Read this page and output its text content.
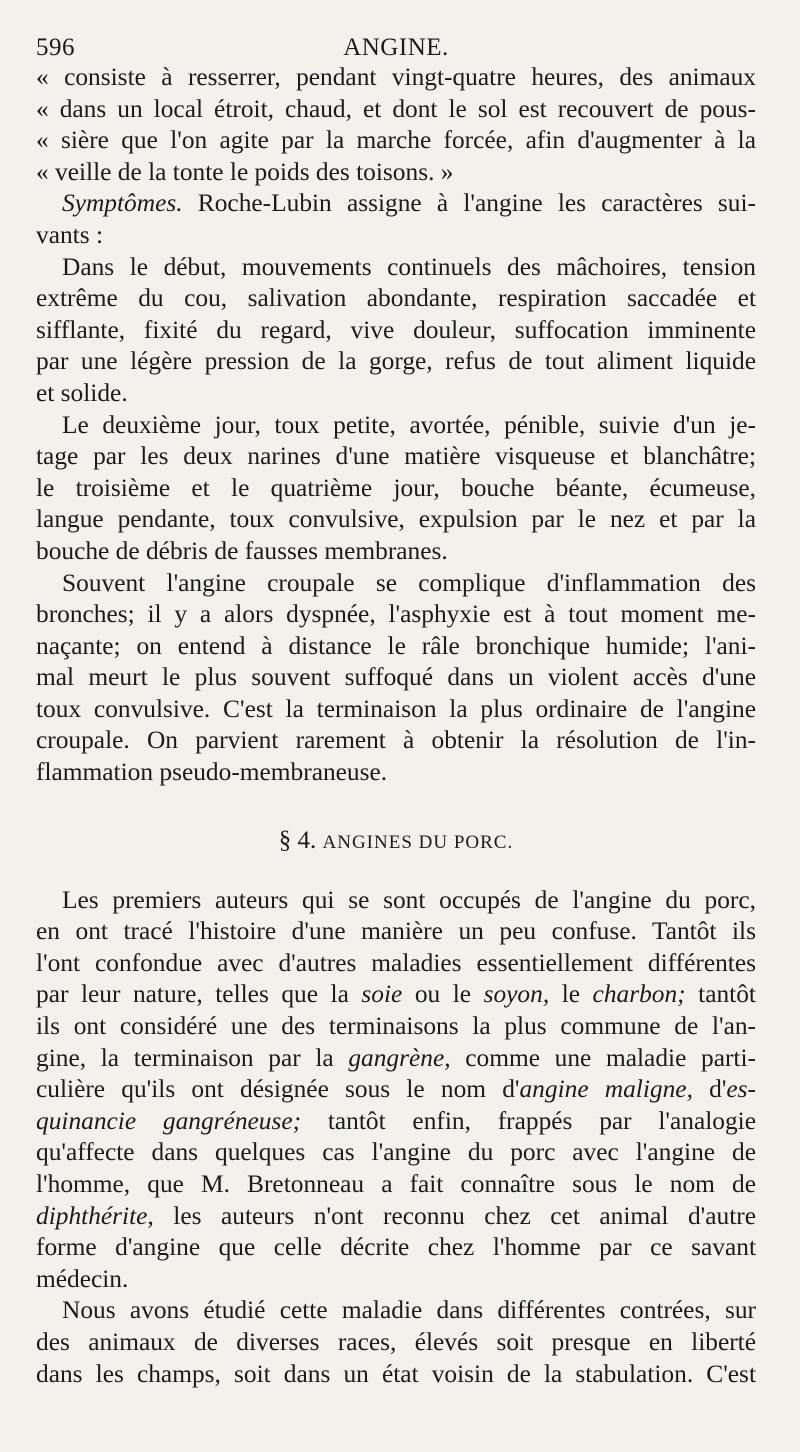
596	ANGINE.
« consiste à resserrer, pendant vingt-quatre heures, des animaux
« dans un local étroit, chaud, et dont le sol est recouvert de pous-
« sière que l'on agite par la marche forcée, afin d'augmenter à la
« veille de la tonte le poids des toisons. »
Symptômes. Roche-Lubin assigne à l'angine les caractères sui-
vants :
Dans le début, mouvements continuels des mâchoires, tension
extrême du cou, salivation abondante, respiration saccadée et
sifflante, fixité du regard, vive douleur, suffocation imminente
par une légère pression de la gorge, refus de tout aliment liquide
et solide.
Le deuxième jour, toux petite, avortée, pénible, suivie d'un je-
tage par les deux narines d'une matière visqueuse et blanchâtre;
le troisième et le quatrième jour, bouche béante, écumeuse,
langue pendante, toux convulsive, expulsion par le nez et par la
bouche de débris de fausses membranes.
Souvent l'angine croupale se complique d'inflammation des
bronches; il y a alors dyspnée, l'asphyxie est à tout moment me-
naçante; on entend à distance le râle bronchique humide; l'ani-
mal meurt le plus souvent suffoqué dans un violent accès d'une
toux convulsive. C'est la terminaison la plus ordinaire de l'angine
croupale. On parvient rarement à obtenir la résolution de l'in-
flammation pseudo-membraneuse.
§ 4. ANGINES DU PORC.
Les premiers auteurs qui se sont occupés de l'angine du porc,
en ont tracé l'histoire d'une manière un peu confuse. Tantôt ils
l'ont confondue avec d'autres maladies essentiellement différentes
par leur nature, telles que la soie ou le soyon, le charbon; tantôt
ils ont considéré une des terminaisons la plus commune de l'an-
gine, la terminaison par la gangrène, comme une maladie parti-
culière qu'ils ont désignée sous le nom d'angine maligne, d'es-
quinancie gangréneuse; tantôt enfin, frappés par l'analogie
qu'affecte dans quelques cas l'angine du porc avec l'angine de
l'homme, que M. Bretonneau a fait connaître sous le nom de
diphthérite, les auteurs n'ont reconnu chez cet animal d'autre
forme d'angine que celle décrite chez l'homme par ce savant
médecin.
Nous avons étudié cette maladie dans différentes contrées, sur
des animaux de diverses races, élevés soit presque en liberté
dans les champs, soit dans un état voisin de la stabulation. C'est
